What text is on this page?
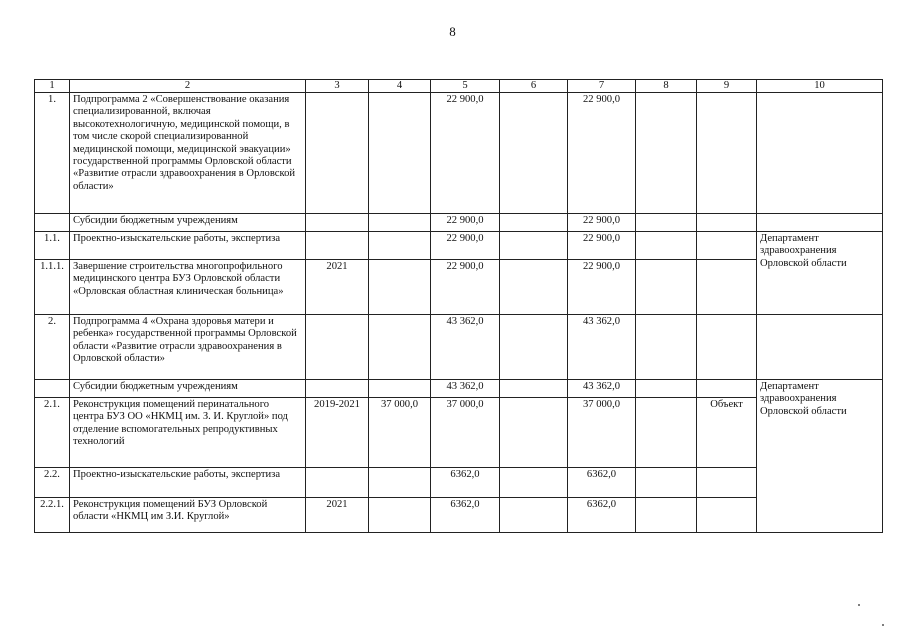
8
1	2	3	4	5	6	7	8	9	10
1.	Подпрограмма 2 «Совершенствование оказания специализированной, включая высокотехнологичную, медицинской помощи, в том числе скорой специализированной медицинской помощи, медицинской эвакуации» государственной программы Орловской области «Развитие отрасли здравоохранения в Орловской области»			22 900,0		22 900,0			
	Субсидии бюджетным учреждениям			22 900,0		22 900,0			
1.1.	Проектно-изыскательские работы, экспертиза			22 900,0		22 900,0			Департамент здравоохранения Орловской области
1.1.1.	Завершение строительства многопрофильного медицинского центра БУЗ Орловской области «Орловская областная клиническая больница»	2021		22 900,0		22 900,0			
2.	Подпрограмма 4 «Охрана здоровья матери и ребенка» государственной программы Орловской области «Развитие отрасли здравоохранения в Орловской области»			43 362,0		43 362,0			
	Субсидии бюджетным учреждениям			43 362,0		43 362,0			Департамент здравоохранения Орловской области
2.1.	Реконструкция помещений перинатального центра БУЗ ОО «НКМЦ им. З. И. Круглой» под отделение вспомогательных репродуктивных технологий	2019-2021	37 000,0	37 000,0		37 000,0		Объект	
2.2.	Проектно-изыскательские работы, экспертиза			6362,0		6362,0			
2.2.1.	Реконструкция помещений БУЗ Орловской области «НКМЦ им З.И. Круглой»	2021		6362,0		6362,0			
